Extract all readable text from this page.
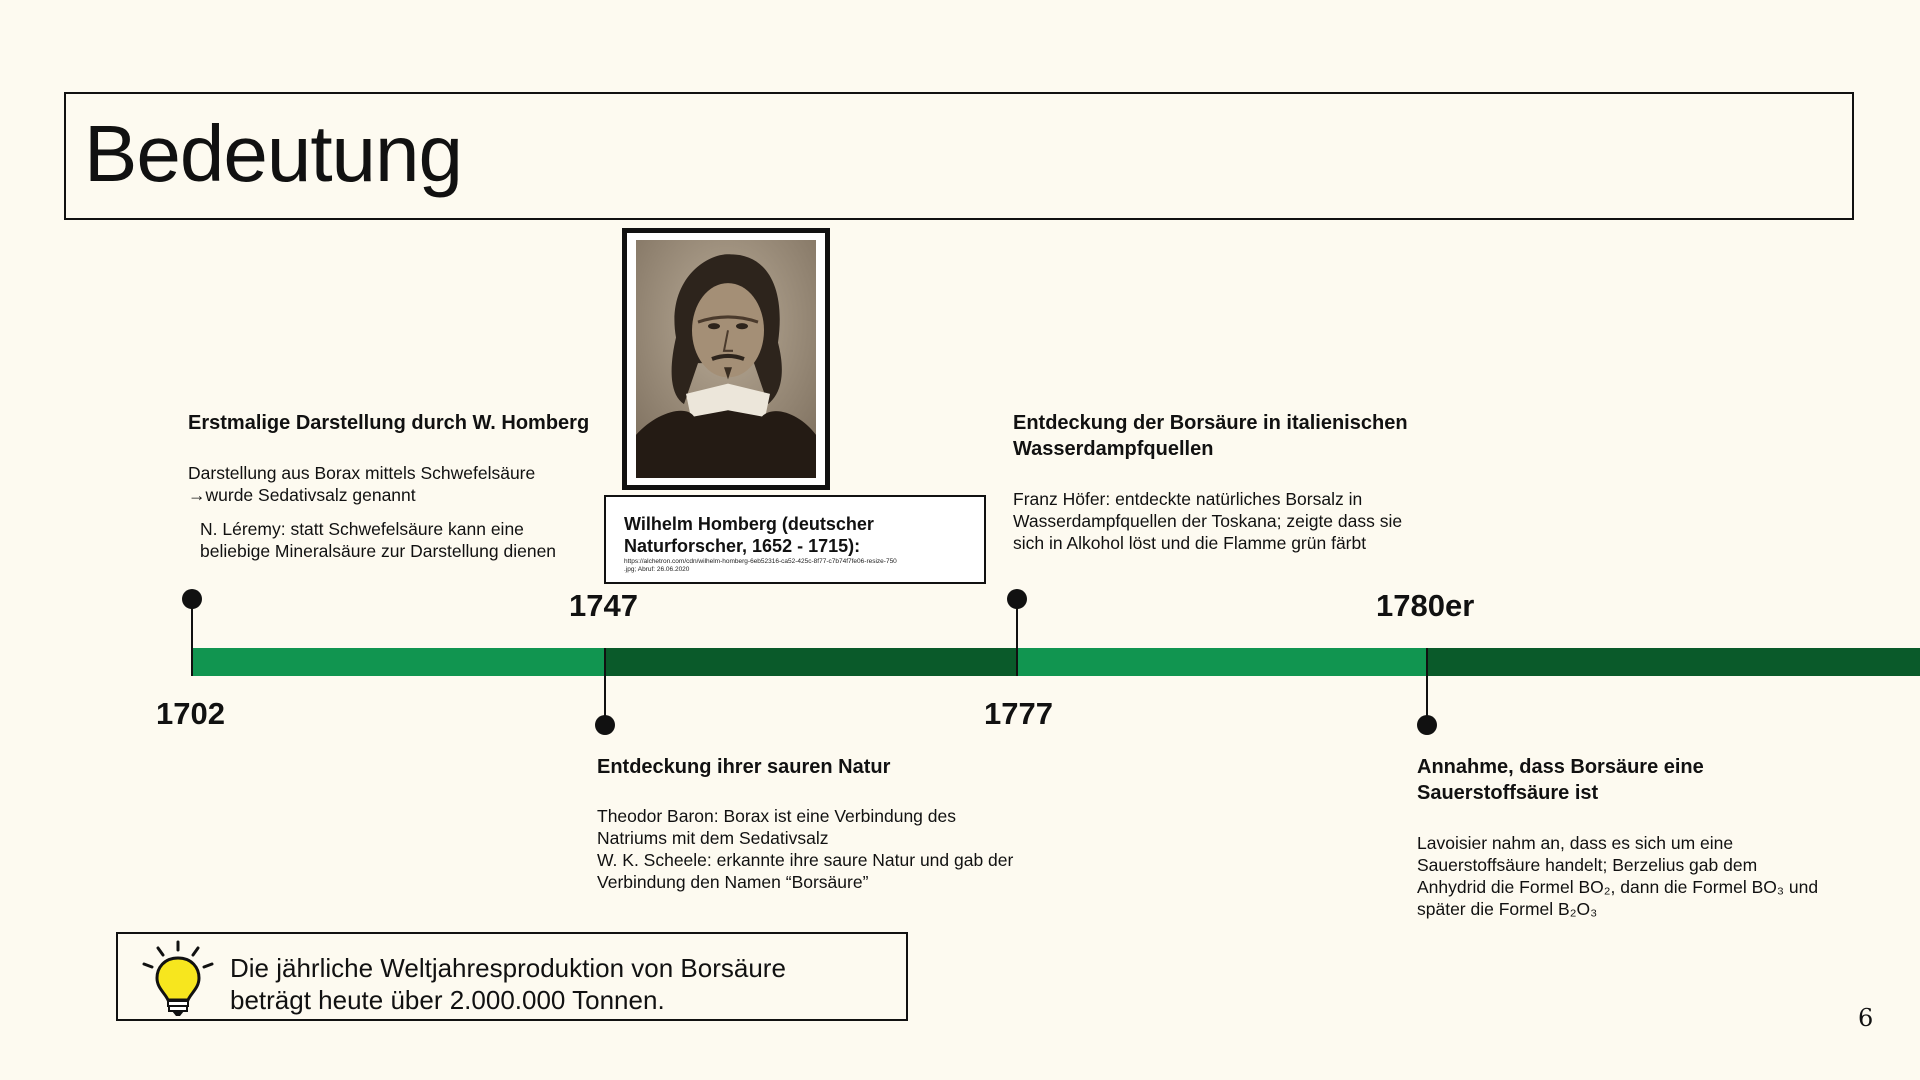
Bedeutung
Wilhelm Homberg (deutscher
Naturforscher, 1652 - 1715):
https://alchetron.com/cdn/wilhelm-homberg-6eb52316-ca52-425c-8f77-c7b74f7fe06-resize-750
.jpg; Abruf: 26.06.2020
Erstmalige Darstellung durch W. Homberg
Darstellung aus Borax mittels Schwefelsäure
→wurde Sedativsalz genannt
N. Léremy: statt Schwefelsäure kann eine
beliebige Mineralsäure zur Darstellung dienen
Entdeckung der Borsäure in italienischen
Wasserdampfquellen
Franz Höfer: entdeckte natürliches Borsalz in
Wasserdampfquellen der Toskana; zeigte dass sie
sich in Alkohol löst und die Flamme grün färbt
1702
1747
1777
1780er
Entdeckung ihrer sauren Natur
Theodor Baron: Borax ist eine Verbindung des
Natriums mit dem Sedativsalz
W. K. Scheele: erkannte ihre saure Natur und gab der
Verbindung den Namen “Borsäure”
Annahme, dass Borsäure eine
Sauerstoffsäure ist
Lavoisier nahm an, dass es sich um eine
Sauerstoffsäure handelt; Berzelius gab dem
Anhydrid die Formel BO₂, dann die Formel BO₃ und
später die Formel B₂O₃
Die jährliche Weltjahresproduktion von Borsäure
beträgt heute über 2.000.000 Tonnen.
6
